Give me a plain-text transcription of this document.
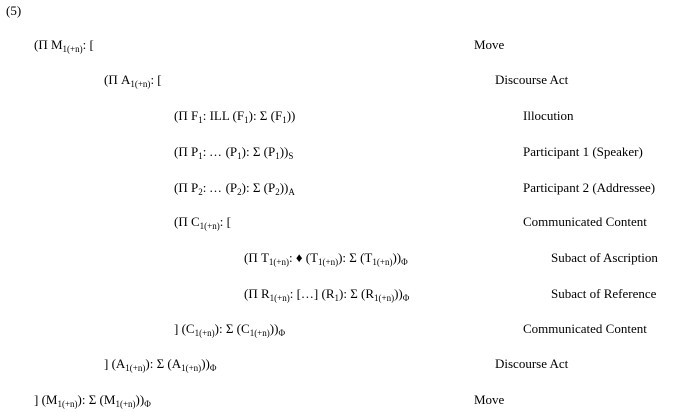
(5)
(Π $M_{1(+n)}$: [	Move
(Π $A_{1(+n)}$: [	Discourse Act
(Π $F_1$: ILL $(F_1)$: Σ $(F_1)$)	Illocution
(Π $P_1$: ... $(P_1)$: Σ $(P_1))_S$	Participant 1 (Speaker)
(Π $P_2$: ... $(P_2)$: Σ $(P_2))_A$	Participant 2 (Addressee)
(Π $C_{1(+n)}$: [	Communicated Content
(Π $T_{1(+n)}$: ♦ $(T_{1(+n)})$: Σ $(T_{1(+n)}))_\Phi$	Subact of Ascription
(Π $R_{1(+n)}$: […] $(R_1)$: Σ $(R_{1(+n)}))_\Phi$	Subact of Reference
] $(C_{1(+n)})$: Σ $(C_{1(+n)}))_\Phi$	Communicated Content
] $(A_{1(+n)})$: Σ $(A_{1(+n)}))_\Phi$	Discourse Act
] $(M_{1(+n)})$: Σ $(M_{1(+n)}))_\Phi$	Move
